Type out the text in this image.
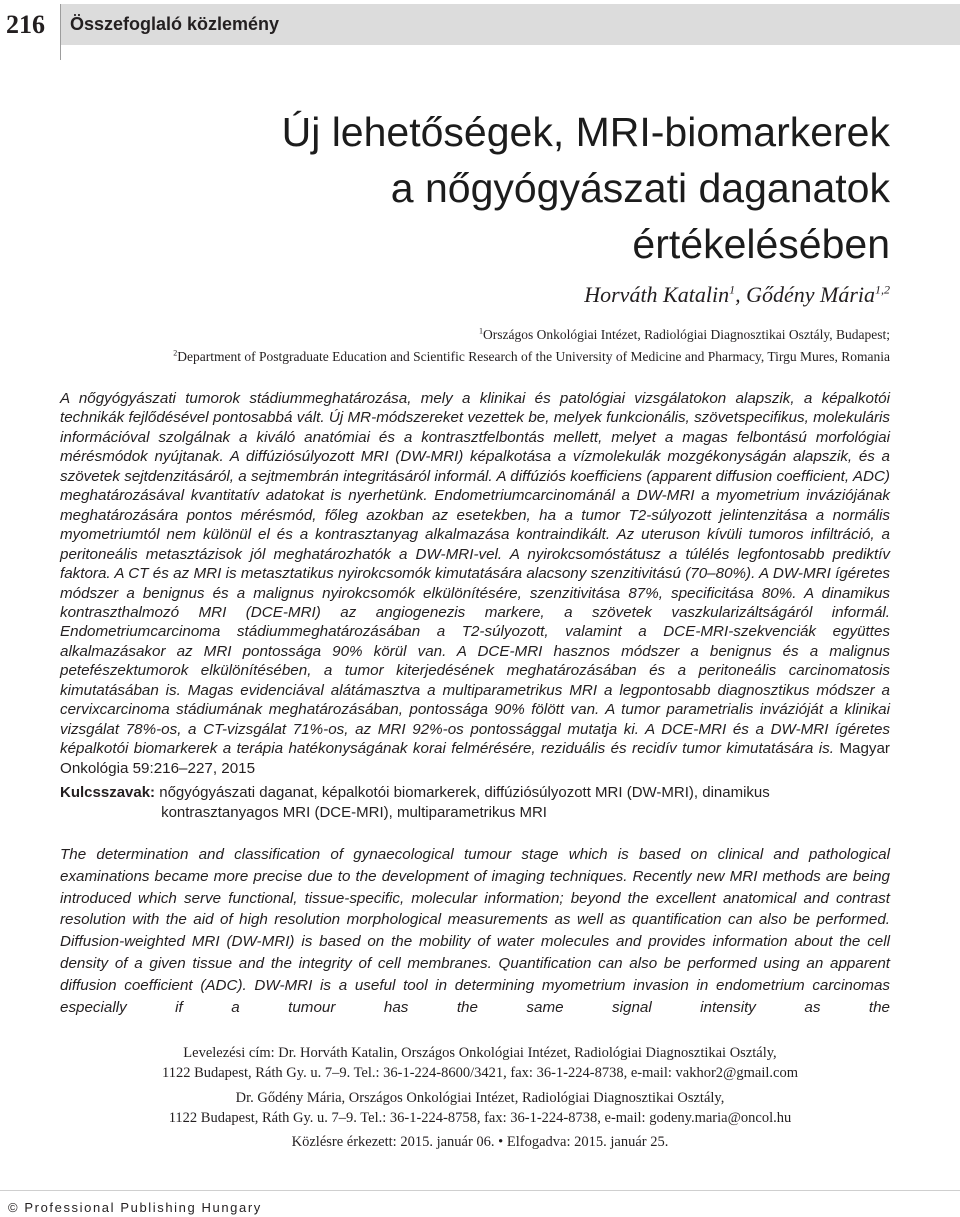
216 Összefoglaló közlemény
Új lehetőségek, MRI-biomarkerek
a nőgyógyászati daganatok
értékelésében
Horváth Katalin$^1$, Gődény Mária$^{1,2}$
$^1$Országos Onkológiai Intézet, Radiológiai Diagnosztikai Osztály, Budapest;
$^2$Department of Postgraduate Education and Scientific Research of the University of Medicine and Pharmacy, Tirgu Mures, Romania

A nőgyógyászati tumorok stádiummeghatározása, mely a klinikai és patológiai vizsgálatokon alapszik, a képalkotói technikák fejlődésével pontosabbá vált. Új MR-módszereket vezettek be, melyek funkcionális, szövetspecifikus, molekuláris információval szolgálnak a kiváló anatómiai és a kontrasztfelbontás mellett, melyet a magas felbontású morfológiai mérésmódok nyújtanak. A diffúziósúlyozott MRI (DW-MRI) képalkotása a vízmolekulák mozgékonyságán alapszik, és a szövetek sejtdenzitásáról, a sejtmembrán integritásáról informál. A diffúziós koefficiens (apparent diffusion coefficient, ADC) meghatározásával kvantitatív adatokat is nyerhetünk. Endometriumcarcinománál a DW-MRI a myometrium inváziójának meghatározására pontos mérésmód, főleg azokban az esetekben, ha a tumor T2-súlyozott jelintenzitása a normális myometriumtól nem különül el és a kontrasztanyag alkalmazása kontraindikált. Az uteruson kívüli tumoros infiltráció, a peritoneális metasztázisok jól meghatározhatók a DW-MRI-vel. A nyirokcsomóstátusz a túlélés legfontosabb prediktív faktora. A CT és az MRI is metasztatikus nyirokcsomók kimutatására alacsony szenzitivitású (70–80%). A DW-MRI ígéretes módszer a benignus és a malignus nyirokcsomók elkülönítésére, szenzitivitása 87%, specificitása 80%. A dinamikus kontraszthalmozó MRI (DCE-MRI) az angiogenezis markere, a szövetek vaszkularizáltságáról informál. Endometriumcarcinoma stádiummeghatározásában a T2-súlyozott, valamint a DCE-MRI-szekvenciák együttes alkalmazásakor az MRI pontossága 90% körül van. A DCE-MRI hasznos módszer a benignus és a malignus petefészektumorok elkülönítésében, a tumor kiterjedésének meghatározásában és a peritoneális carcinomatosis kimutatásában is. Magas evidenciával alátámasztva a multiparametrikus MRI a legpontosabb diagnosztikus módszer a cervixcarcinoma stádiumának meghatározásában, pontossága 90% fölött van. A tumor parametrialis invázióját a klinikai vizsgálat 78%-os, a CT-vizsgálat 71%-os, az MRI 92%-os pontossággal mutatja ki. A DCE-MRI és a DW-MRI ígéretes képalkotói biomarkerek a terápia hatékonyságának korai felmérésére, reziduális és recidív tumor kimutatására is. Magyar Onkológia 59:216–227, 2015

Kulcsszavak: nőgyógyászati daganat, képalkotói biomarkerek, diffúziósúlyozott MRI (DW-MRI), dinamikus kontrasztanyagos MRI (DCE-MRI), multiparametrikus MRI

The determination and classification of gynaecological tumour stage which is based on clinical and pathological examinations became more precise due to the development of imaging techniques. Recently new MRI methods are being introduced which serve functional, tissue-specific, molecular information; beyond the excellent anatomical and contrast resolution with the aid of high resolution morphological measurements as well as quantification can also be performed. Diffusion-weighted MRI (DW-MRI) is based on the mobility of water molecules and provides information about the cell density of a given tissue and the integrity of cell membranes. Quantification can also be performed using an apparent diffusion coefficient (ADC). DW-MRI is a useful tool in determining myometrium invasion in endometrium carcinomas especially if a tumour has the same signal intensity as the

Levelezési cím: Dr. Horváth Katalin, Országos Onkológiai Intézet, Radiológiai Diagnosztikai Osztály,
1122 Budapest, Ráth Gy. u. 7–9. Tel.: 36-1-224-8600/3421, fax: 36-1-224-8738, e-mail: vakhor2@gmail.com
Dr. Gődény Mária, Országos Onkológiai Intézet, Radiológiai Diagnosztikai Osztály,
1122 Budapest, Ráth Gy. u. 7–9. Tel.: 36-1-224-8758, fax: 36-1-224-8738, e-mail: godeny.maria@oncol.hu
Közlésre érkezett: 2015. január 06. • Elfogadva: 2015. január 25.
© Professional Publishing Hungary
